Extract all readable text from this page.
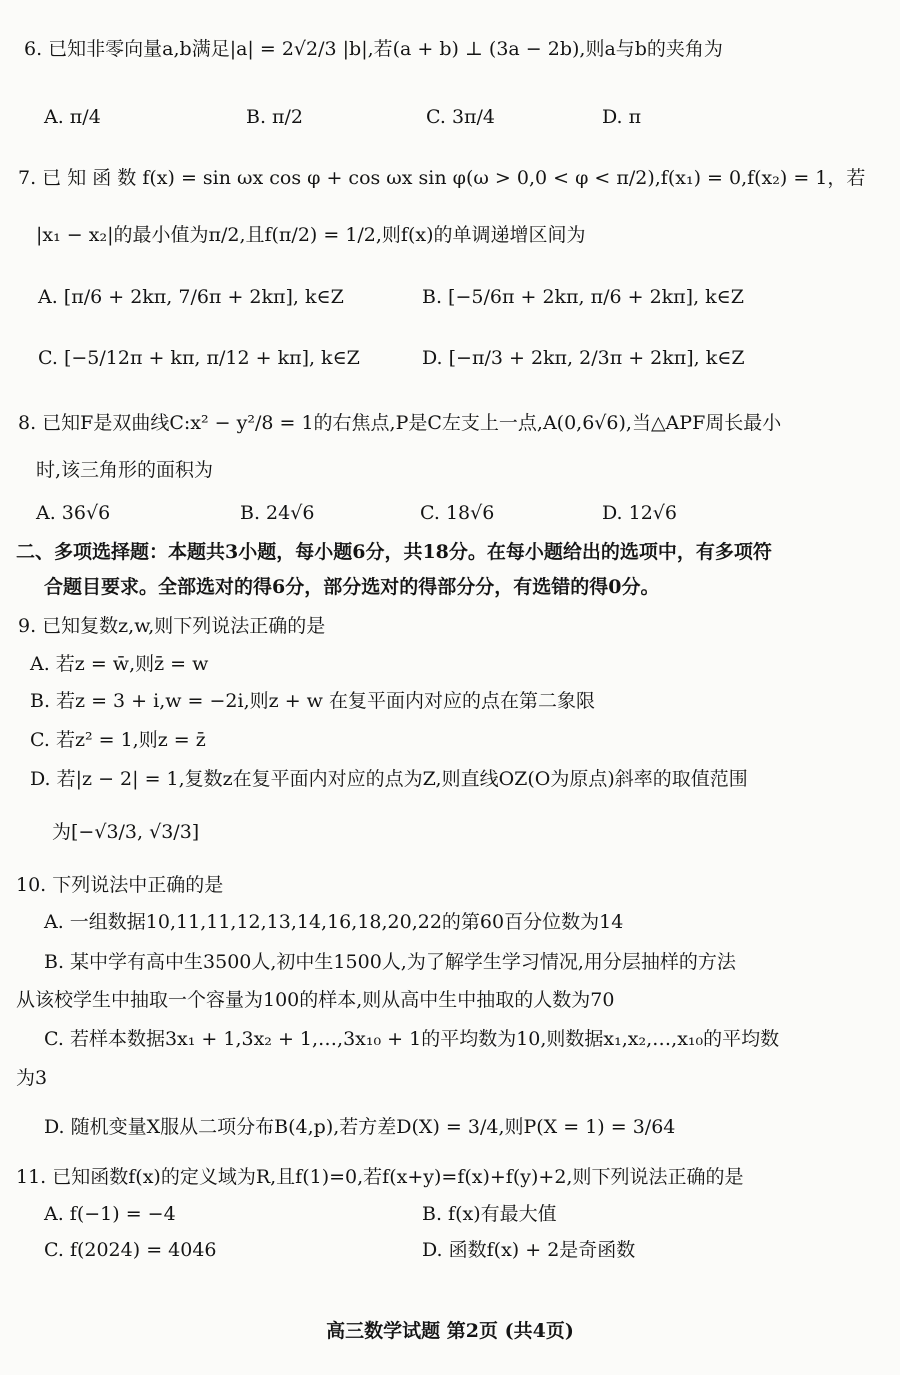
6. 已知非零向量a,b满足|a| = 2√2/3 |b|,若(a + b) ⊥ (3a − 2b),则a与b的夹角为
A. π/4	B. π/2	C. 3π/4	D. π
7. 已 知 函 数 f(x) = sin ωx cos φ + cos ωx sin φ(ω > 0,0 < φ < π/2),f(x₁) = 0,f(x₂) = 1，若
|x₁ − x₂|的最小值为π/2,且f(π/2) = 1/2,则f(x)的单调递增区间为
A. [π/6 + 2kπ, 7/6π + 2kπ], k∈Z	B. [−5/6π + 2kπ, π/6 + 2kπ], k∈Z
C. [−5/12π + kπ, π/12 + kπ], k∈Z	D. [−π/3 + 2kπ, 2/3π + 2kπ], k∈Z
8. 已知F是双曲线C:x² − y²/8 = 1的右焦点,P是C左支上一点,A(0,6√6),当△APF周长最小
时,该三角形的面积为
A. 36√6	B. 24√6	C. 18√6	D. 12√6
二、多项选择题：本题共3小题，每小题6分，共18分。在每小题给出的选项中，有多项符
合题目要求。全部选对的得6分，部分选对的得部分分，有选错的得0分。
9. 已知复数z,w,则下列说法正确的是
A. 若z = w̄,则z̄ = w
B. 若z = 3 + i,w = −2i,则z + w 在复平面内对应的点在第二象限
C. 若z² = 1,则z = z̄
D. 若|z − 2| = 1,复数z在复平面内对应的点为Z,则直线OZ(O为原点)斜率的取值范围
为[−√3/3, √3/3]
10. 下列说法中正确的是
A. 一组数据10,11,11,12,13,14,16,18,20,22的第60百分位数为14
B. 某中学有高中生3500人,初中生1500人,为了解学生学习情况,用分层抽样的方法
从该校学生中抽取一个容量为100的样本,则从高中生中抽取的人数为70
C. 若样本数据3x₁ + 1,3x₂ + 1,…,3x₁₀ + 1的平均数为10,则数据x₁,x₂,…,x₁₀的平均数
为3
D. 随机变量X服从二项分布B(4,p),若方差D(X) = 3/4,则P(X = 1) = 3/64
11. 已知函数f(x)的定义域为R,且f(1)=0,若f(x+y)=f(x)+f(y)+2,则下列说法正确的是
A. f(−1) = −4	B. f(x)有最大值
C. f(2024) = 4046	D. 函数f(x) + 2是奇函数
高三数学试题 第2页 (共4页)
